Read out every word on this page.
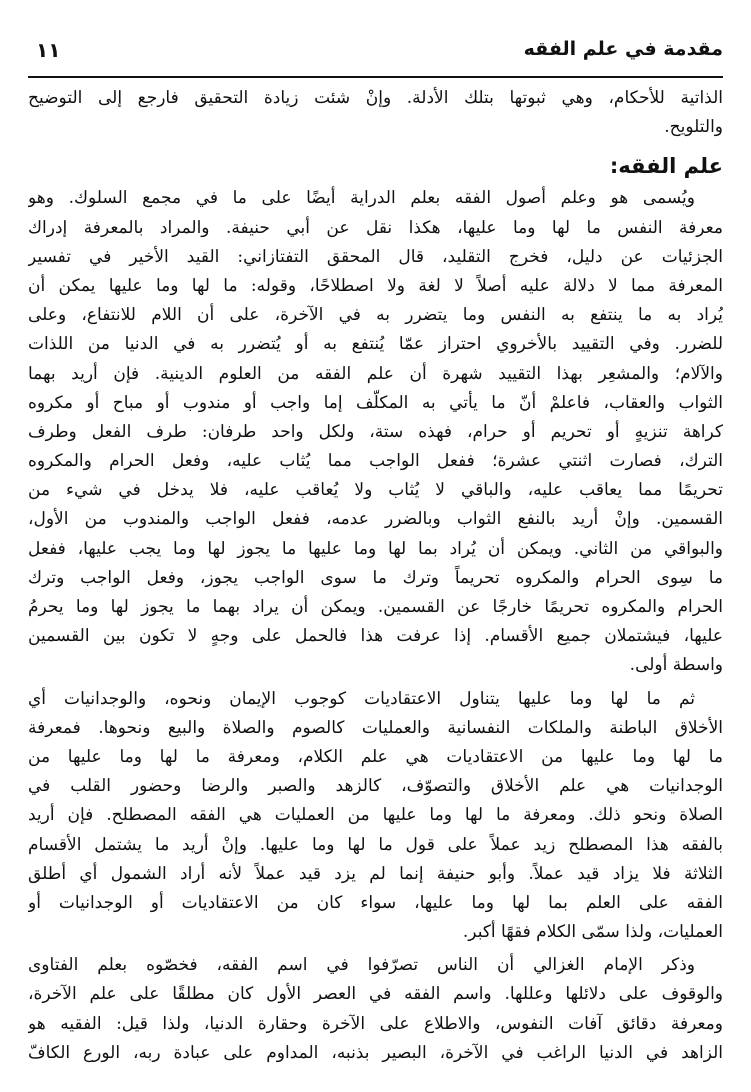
مقدمة في علم الفقه
١١
الذاتية للأحكام، وهي ثبوتها بتلك الأدلة. وإنْ شئت زيادة التحقيق فارجع إلى التوضيح
والتلويح.
علم الفقه:
ويُسمى هو وعلم أصول الفقه بعلم الدراية أيضًا على ما في مجمع السلوك. وهو
معرفة النفس ما لها وما عليها، هكذا نقل عن أبي حنيفة. والمراد بالمعرفة إدراك
الجزئيات عن دليل، فخرج التقليد، قال المحقق التفتازاني: القيد الأخير في تفسير
المعرفة مما لا دلالة عليه أصلاً لا لغة ولا اصطلاحًا، وقوله: ما لها وما عليها يمكن أن
يُراد به ما ينتفع به النفس وما يتضرر به في الآخرة، على أن اللام للانتفاع، وعلى
للضرر. وفي التقييد بالأخروي احتراز عمّا يُنتفع به أو يُتضرر به في الدنيا من اللذات
والآلام؛ والمشعِر بهذا التقييد شهرة أن علم الفقه من العلوم الدينية. فإن أريد بهما
الثواب والعقاب، فاعلمْ أنّ ما يأتي به المكلّف إما واجب أو مندوب أو مباح أو مكروه
كراهة تنزيهٍ أو تحريم أو حرام، فهذه ستة، ولكل واحد طرفان: طرف الفعل وطرف
الترك، فصارت اثنتي عشرة؛ ففعل الواجب مما يُثاب عليه، وفعل الحرام والمكروه
تحريمًا مما يعاقب عليه، والباقي لا يُثاب ولا يُعاقب عليه، فلا يدخل في شيء من
القسمين. وإنْ أريد بالنفع الثواب وبالضرر عدمه، ففعل الواجب والمندوب من الأول،
والبواقي من الثاني. ويمكن أن يُراد بما لها وما عليها ما يجوز لها وما يجب عليها، ففعل
ما سِوى الحرام والمكروه تحريماً وترك ما سوى الواجب يجوز، وفعل الواجب وترك
الحرام والمكروه تحريمًا خارجًا عن القسمين. ويمكن أن يراد بهما ما يجوز لها وما يحرمُ
عليها، فيشتملان جميع الأقسام. إذا عرفت هذا فالحمل على وجهٍ لا تكون بين القسمين
واسطة أولى.
ثم ما لها وما عليها يتناول الاعتقاديات كوجوب الإيمان ونحوه، والوجدانيات أي
الأخلاق الباطنة والملكات النفسانية والعمليات كالصوم والصلاة والبيع ونحوها. فمعرفة
ما لها وما عليها من الاعتقاديات هي علم الكلام، ومعرفة ما لها وما عليها من
الوجدانيات هي علم الأخلاق والتصوّف، كالزهد والصبر والرضا وحضور القلب في
الصلاة ونحو ذلك. ومعرفة ما لها وما عليها من العمليات هي الفقه المصطلح. فإن أريد
بالفقه هذا المصطلح زيد عملاً على قول ما لها وما عليها. وإنْ أريد ما يشتمل الأقسام
الثلاثة فلا يزاد قيد عملاً. وأبو حنيفة إنما لم يزد قيد عملاً لأنه أراد الشمول أي أطلق
الفقه على العلم بما لها وما عليها، سواء كان من الاعتقاديات أو الوجدانيات أو
العمليات، ولذا سمّى الكلام فقهًا أكبر.
وذكر الإمام الغزالي أن الناس تصرّفوا في اسم الفقه، فخصّوه بعلم الفتاوى
والوقوف على دلائلها وعللها. واسم الفقه في العصر الأول كان مطلقًا على علم الآخرة،
ومعرفة دقائق آفات النفوس، والاطلاع على الآخرة وحقارة الدنيا، ولذا قيل: الفقيه هو
الزاهد في الدنيا الراغب في الآخرة، البصير بذنبه، المداوم على عبادة ربه، الورع الكافّ
